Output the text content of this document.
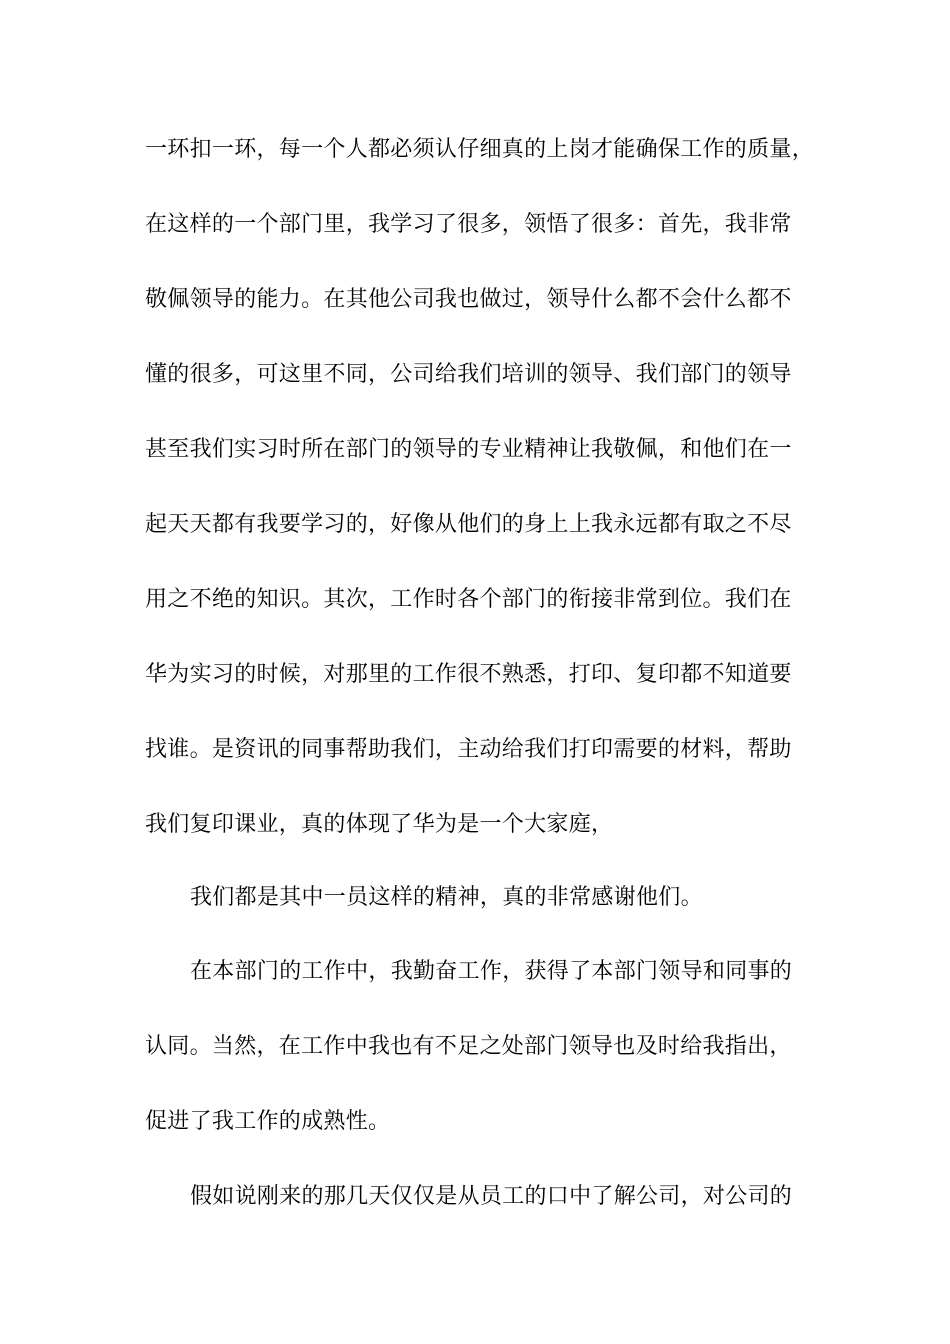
一环扣一环，每一个人都必须认仔细真的上岗才能确保工作的质量，
在这样的一个部门里，我学习了很多，领悟了很多：首先，我非常
敬佩领导的能力。在其他公司我也做过，领导什么都不会什么都不
懂的很多，可这里不同，公司给我们培训的领导、我们部门的领导
甚至我们实习时所在部门的领导的专业精神让我敬佩，和他们在一
起天天都有我要学习的，好像从他们的身上上我永远都有取之不尽
用之不绝的知识。其次，工作时各个部门的衔接非常到位。我们在
华为实习的时候，对那里的工作很不熟悉，打印、复印都不知道要
找谁。是资讯的同事帮助我们，主动给我们打印需要的材料，帮助
我们复印课业，真的体现了华为是一个大家庭，
我们都是其中一员这样的精神，真的非常感谢他们。
在本部门的工作中，我勤奋工作，获得了本部门领导和同事的
认同。当然，在工作中我也有不足之处部门领导也及时给我指出，
促进了我工作的成熟性。
假如说刚来的那几天仅仅是从员工的口中了解公司，对公司的
